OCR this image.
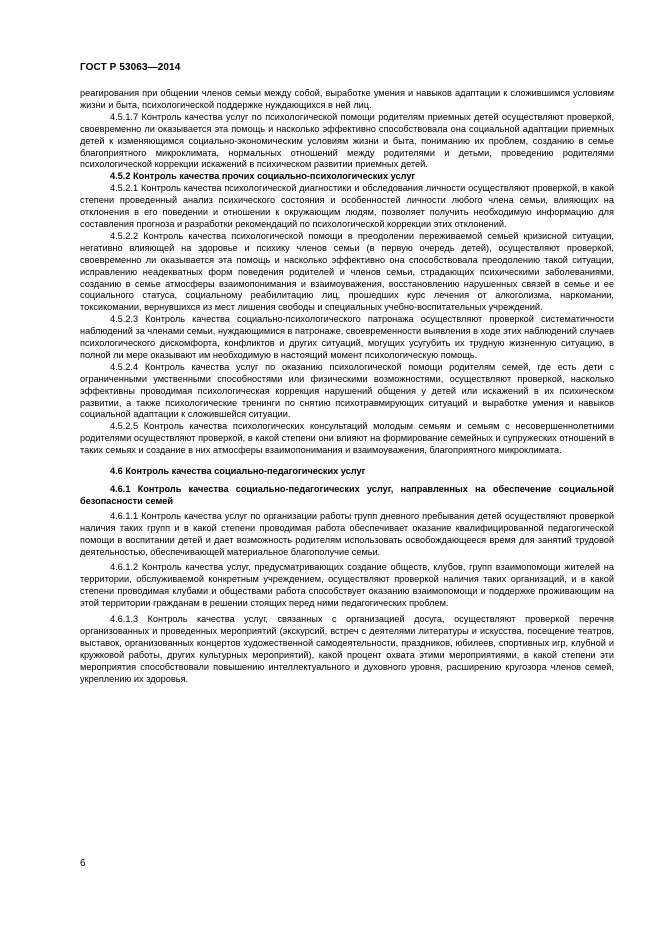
ГОСТ Р 53063—2014

реагирования при общении членов семьи между собой, выработке умения и навыков адаптации к сложившимся условиям жизни и быта, психологической поддержке нуждающихся в ней лиц.

4.5.1.7 Контроль качества услуг по психологической помощи родителям приемных детей осуществляют проверкой, своевременно ли оказывается эта помощь и насколько эффективно способствовала она социальной адаптации приемных детей к изменяющимся социально-экономическим условиям жизни и быта, пониманию их проблем, созданию в семье благоприятного микроклимата, нормальных отношений между родителями и детьми, проведению родителями психологической коррекции искажений в психическом развитии приемных детей.

4.5.2 Контроль качества прочих социально-психологических услуг

4.5.2.1 Контроль качества психологической диагностики и обследования личности осуществляют проверкой, в какой степени проведенный анализ психического состояния и особенностей личности любого члена семьи, влияющих на отклонения в его поведении и отношении к окружающим людям, позволяет получить необходимую информацию для составления прогноза и разработки рекомендаций по психологической коррекции этих отклонений.

4.5.2.2 Контроль качества психологической помощи в преодолении переживаемой семьей кризисной ситуации, негативно влияющей на здоровье и психику членов семьи (в первую очередь детей), осуществляют проверкой, своевременно ли оказывается эта помощь и насколько эффективно она способствовала преодолению такой ситуации, исправлению неадекватных форм поведения родителей и членов семьи, страдающих психическими заболеваниями, созданию в семье атмосферы взаимопонимания и взаимоуважения, восстановлению нарушенных связей в семье и ее социального статуса, социальному реабилитацию лиц, прошедших курс лечения от алкоголизма, наркомании, токсикомании, вернувшихся из мест лишения свободы и специальных учебно-воспитательных учреждений.

4.5.2.3 Контроль качества социально-психологического патронажа осуществляют проверкой систематичности наблюдений за членами семьи, нуждающимися в патронаже, своевременности выявления в ходе этих наблюдений случаев психологического дискомфорта, конфликтов и других ситуаций, могущих усугубить их трудную жизненную ситуацию, в полной ли мере оказывают им необходимую в настоящий момент психологическую помощь.

4.5.2.4 Контроль качества услуг по оказанию психологической помощи родителям семей, где есть дети с ограниченными умственными способностями или физическими возможностями, осуществляют проверкой, насколько эффективны проводимая психологическая коррекция нарушений общения у детей или искажений в их психическом развитии, а также психологические тренинги по снятию психотравмирующих ситуаций и выработке умения и навыков социальной адаптации к сложившейся ситуации.

4.5.2.5 Контроль качества психологических консультаций молодым семьям и семьям с несовершеннолетними родителями осуществляют проверкой, в какой степени они влияют на формирование семейных и супружеских отношений в таких семьях и создание в них атмосферы взаимопонимания и взаимоуважения, благоприятного микроклимата.

4.6 Контроль качества социально-педагогических услуг
4.6.1 Контроль качества социально-педагогических услуг, направленных на обеспечение социальной безопасности семей

4.6.1.1 Контроль качества услуг по организации работы групп дневного пребывания детей осуществляют проверкой наличия таких групп и в какой степени проводимая работа обеспечивает оказание квалифицированной педагогической помощи в воспитании детей и дает возможность родителям использовать освобождающееся время для занятий трудовой деятельностью, обеспечивающей материальное благополучие семьи.

4.6.1.2 Контроль качества услуг, предусматривающих создание обществ, клубов, групп взаимопомощи жителей на территории, обслуживаемой конкретным учреждением, осуществляют проверкой наличия таких организаций, и в какой степени проводимая клубами и обществами работа способствует оказанию взаимопомощи и поддержке проживающим на этой территории гражданам в решении стоящих перед ними педагогических проблем.

4.6.1.3 Контроль качества услуг, связанных с организацией досуга, осуществляют проверкой перечня организованных и проведенных мероприятий (экскурсий, встреч с деятелями литературы и искусства, посещение театров, выставок, организованных концертов художественной самодеятельности, праздников, юбилеев, спортивных игр, клубной и кружковой работы, других культурных мероприятий), какой процент охвата этими мероприятиями, в какой степени эти мероприятия способствовали повышению интеллектуального и духовного уровня, расширению кругозора членов семей, укреплению их здоровья.

6
